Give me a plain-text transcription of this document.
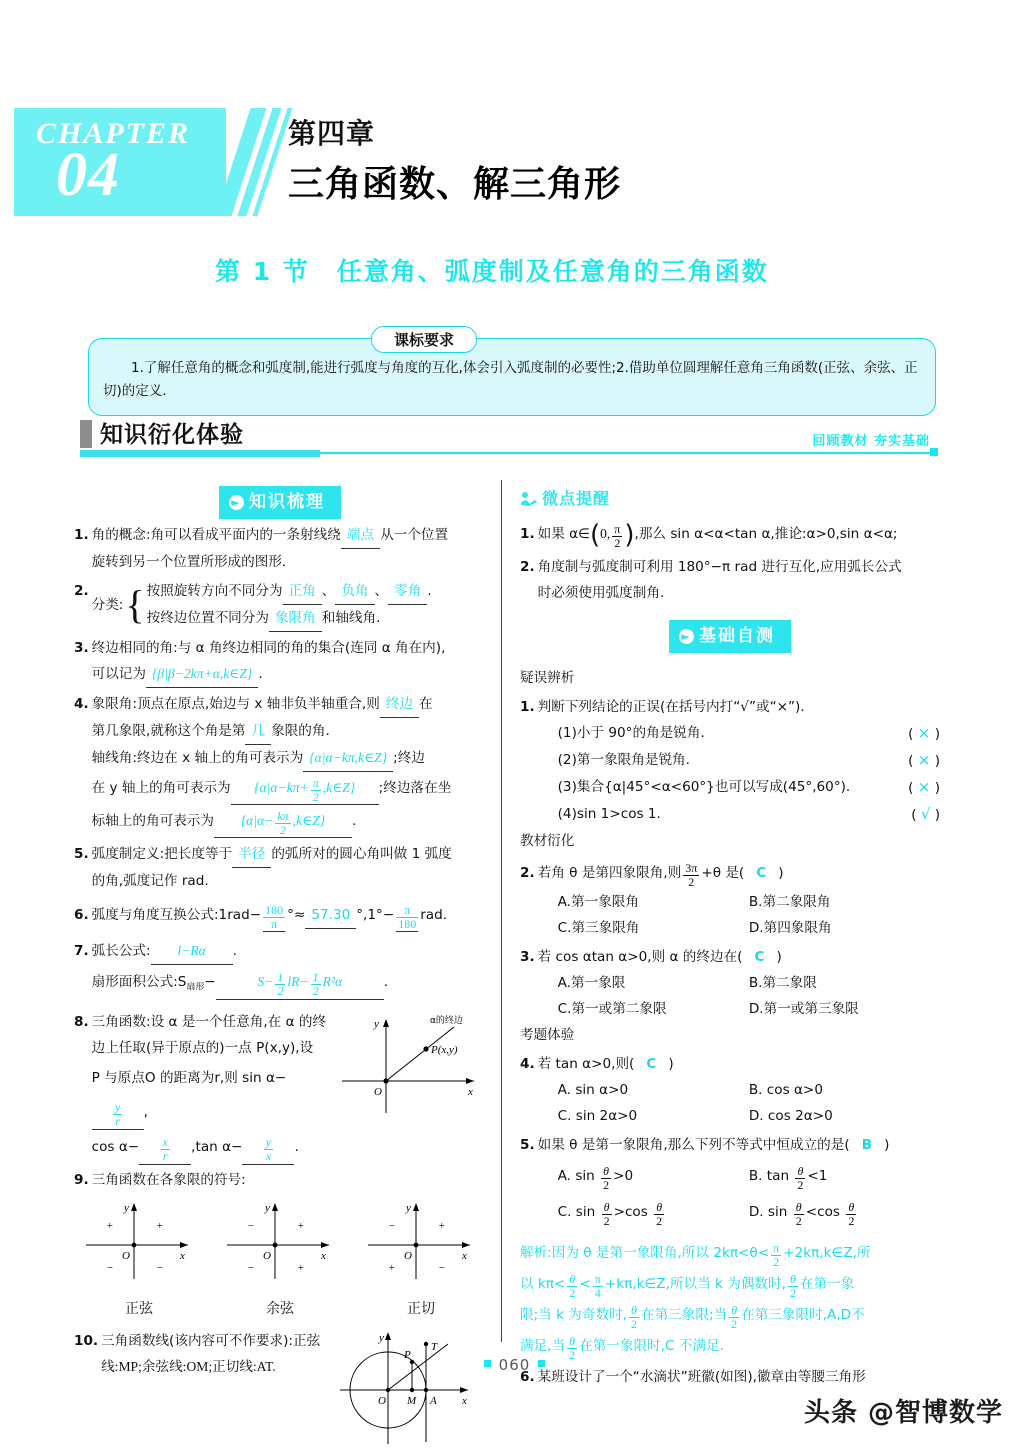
CHAPTER
04
第四章
三角函数、解三角形
第 1 节　任意角、弧度制及任意角的三角函数
课标要求
1.了解任意角的概念和弧度制,能进行弧度与角度的互化,体会引入弧度制的必要性;2.借助单位圆理解任意角三角函数(正弦、余弦、正切)的定义.
知识衍化体验	回顾教材 夯实基础
► 知识梳理
1. 角的概念:角可以看成平面内的一条射线绕 端点 从一个位置
旋转到另一个位置所形成的图形.
2.
分类: { 按照旋转方向不同分为 正角 、 负角 、 零角 .
按终边位置不同分为 象限角 和轴线角.
3. 终边相同的角:与 α 角终边相同的角的集合(连同 α 角在内),
可以记为 {β|β−2kπ+α,k∈Z} .
4. 象限角:顶点在原点,始边与 x 轴非负半轴重合,则 终边 在
第几象限,就称这个角是第 几 象限的角.
轴线角:终边在 x 轴上的角可表示为 {α|α−kπ,k∈Z} ;终边
在 y 轴上的角可表示为 {$\alpha|\alpha-k\pi+ \frac{\pi}{2}$ ,k∈Z} ;终边落在坐
标轴上的角可表示为 {$\alpha|\alpha- \frac{k\pi}{2}$ ,k∈Z} .
5. 弧度制定义:把长度等于 半径 的弧所对的圆心角叫做 1 弧度
的角,弧度记作 rad.
6. 弧度与角度互换公式:1rad− $\frac{180}{\pi}$ °≈ 57.30 $^\circ,1^\circ- \frac{\pi}{180}$ rad.
7. 弧长公式: l−Rα .
扇形面积公式$:S_{扇形}-$	$S- \frac{1}{2} lR- \frac{1}{2} R^2\alpha$	.
8. 三角函数:设 α 是一个任意角,在 α 的终
边上任取(异于原点的)一点 P(x,y),设
P 与原点O 的距离为r,则 sin α−
$\frac{y}{r}$ ,
$\cos \alpha- \frac{x}{r} ,\tan$ $\alpha- \frac{y}{x}$ .
y
x
O
P(x,y)
α的终边
9. 三角函数在各象限的符号:
+	+
−	−
y
x
O
正弦
−	+
−	+
y
x
O
余弦
−	+
+	−
y
x
O
正切
10. 三角函数线(该内容可不作要求):正弦
线:MP;余弦线:OM;正切线:AT.
y
x
O M A
P
T
微点提醒
1. 如果 α∈(0, $\frac{\pi}{2}$ ),那么 sin α<α<tan α,推论:α>0,sin α<α;
2. 角度制与弧度制可利用 180°−π rad 进行互化,应用弧长公式
时必须使用弧度制角.
► 基础自测
疑误辨析
1. 判断下列结论的正误(在括号内打“√”或“×”).
(1)小于 90°的角是锐角.	( × )
(2)第一象限角是锐角.	( × )
(3)集合{α|45°<α<60°}也可以写成(45°,60°).	( × )
(4)sin 1>cos 1.	( √ )
教材衍化
2. 若角 θ 是第四象限角,则 $\frac{3\pi}{2} +\theta$ 是( C )
A.第一象限角	B.第二象限角
C.第三象限角	D.第四象限角
3. 若 cos αtan α>0,则 α 的终边在( C )
A.第一象限	B.第二象限
C.第一或第二象限	D.第一或第三象限
考题体验
4. 若 tan α>0,则( C )
A. sin α>0	B. cos α>0
C. sin 2α>0	D. cos 2α>0
5. 如果 θ 是第一象限角,那么下列不等式中恒成立的是( B )
A. $\sin \frac{\theta}{2} >0$	B. $\tan \frac{\theta}{2} <1$
C. $\sin \frac{\theta}{2} >\cos \frac{\theta}{2}$	D. $\sin \frac{\theta}{2} <\cos \frac{\theta}{2}$
解析:因为 θ 是第一象限角,所以 $2k\pi<\theta< \frac{\pi}{2}$ +2kπ,k∈Z,所
以 $k\pi< \frac{\theta}{2} < \frac{\pi}{4}$ +kπ,k∈Z,所以当 k 为偶数时, $\frac{\theta}{2}$ 在第一象
限;当 k 为奇数时, $\frac{\theta}{2}$ 在第三象限;当 $\frac{\theta}{2}$ 在第三象限时,A,D不
满足,当 $\frac{\theta}{2}$ 在第一象限时,C 不满足.
6. 某班设计了一个“水滴状”班徽(如图),徽章由等腰三角形
060
头条 @智博数学
